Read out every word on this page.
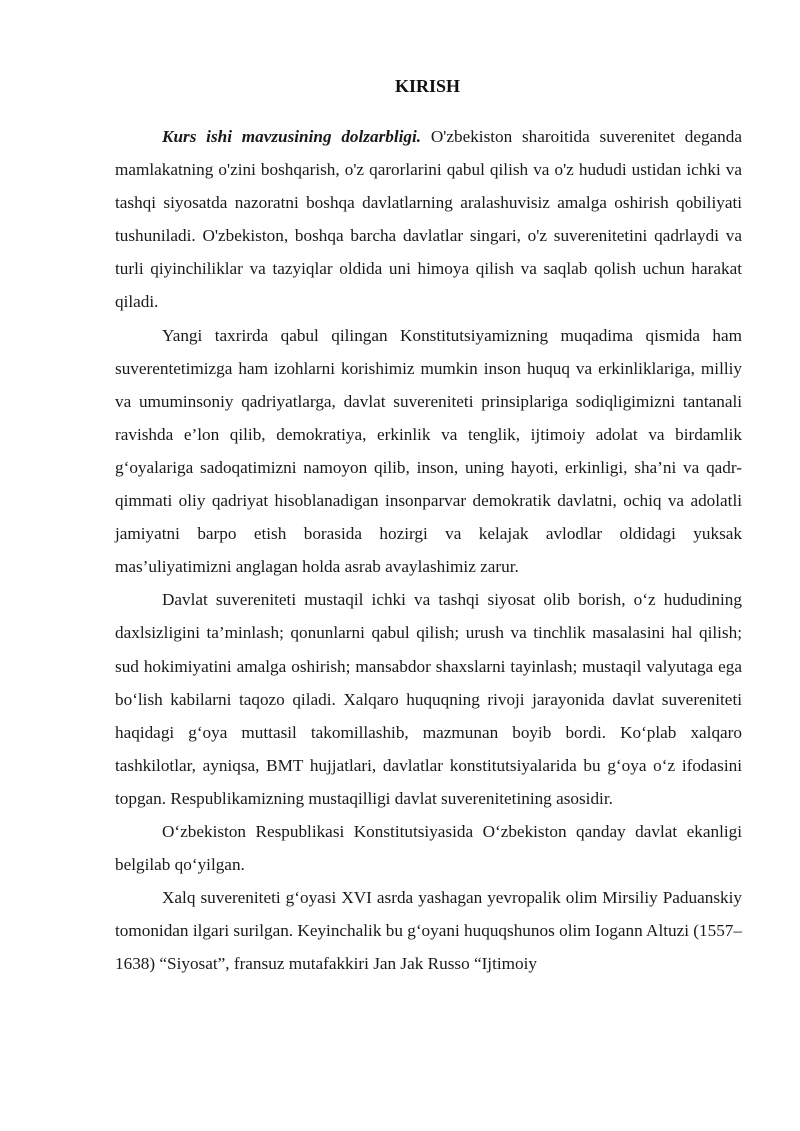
KIRISH

Kurs ishi mavzusining dolzarbligi. O'zbekiston sharoitida suverenitet deganda mamlakatning o'zini boshqarish, o'z qarorlarini qabul qilish va o'z hududi ustidan ichki va tashqi siyosatda nazoratni boshqa davlatlarning aralashuvisiz amalga oshirish qobiliyati tushuniladi. O'zbekiston, boshqa barcha davlatlar singari, o'z suverenitetini qadrlaydi va turli qiyinchiliklar va tazyiqlar oldida uni himoya qilish va saqlab qolish uchun harakat qiladi.

Yangi taxrirda qabul qilingan Konstitutsiyamizning muqadima qismida ham suverentetimizga ham izohlarni korishimiz mumkin inson huquq va erkinliklariga, milliy va umuminsoniy qadriyatlarga, davlat suvereniteti prinsiplariga sodiqligimizni tantanali ravishda e’lon qilib, demokratiya, erkinlik va tenglik, ijtimoiy adolat va birdamlik g‘oyalariga sadoqatimizni namoyon qilib, inson, uning hayoti, erkinligi, sha’ni va qadr-qimmati oliy qadriyat hisoblanadigan insonparvar demokratik davlatni, ochiq va adolatli jamiyatni barpo etish borasida hozirgi va kelajak avlodlar oldidagi yuksak mas’uliyatimizni anglagan holda asrab avaylashimiz zarur.

Davlat suvereniteti mustaqil ichki va tashqi siyosat olib borish, o‘z hududining daxlsizligini ta’minlash; qonunlarni qabul qilish; urush va tinchlik masalasini hal qilish; sud hokimiyatini amalga oshirish; mansabdor shaxslarni tayinlash; mustaqil valyutaga ega bo‘lish kabilarni taqozo qiladi. Xalqaro huquqning rivoji jarayonida davlat suvereniteti haqidagi g‘oya muttasil takomillashib, mazmunan boyib bordi. Ko‘plab xalqaro tashkilotlar, ayniqsa, BMT hujjatlari, davlatlar konstitutsiyalarida bu g‘oya o‘z ifodasini topgan. Respublikamizning mustaqilligi davlat suverenitetining asosidir.

O‘zbekiston Respublikasi Konstitutsiyasida O‘zbekiston qanday davlat ekanligi belgilab qo‘yilgan.

Xalq suvereniteti g‘oyasi XVI asrda yashagan yevropalik olim Mirsiliy Paduanskiy tomonidan ilgari surilgan. Keyinchalik bu g‘oyani huquqshunos olim Iogann Altuzi (1557–1638) “Siyosat”, fransuz mutafakkiri Jan Jak Russo “Ijtimoiy
